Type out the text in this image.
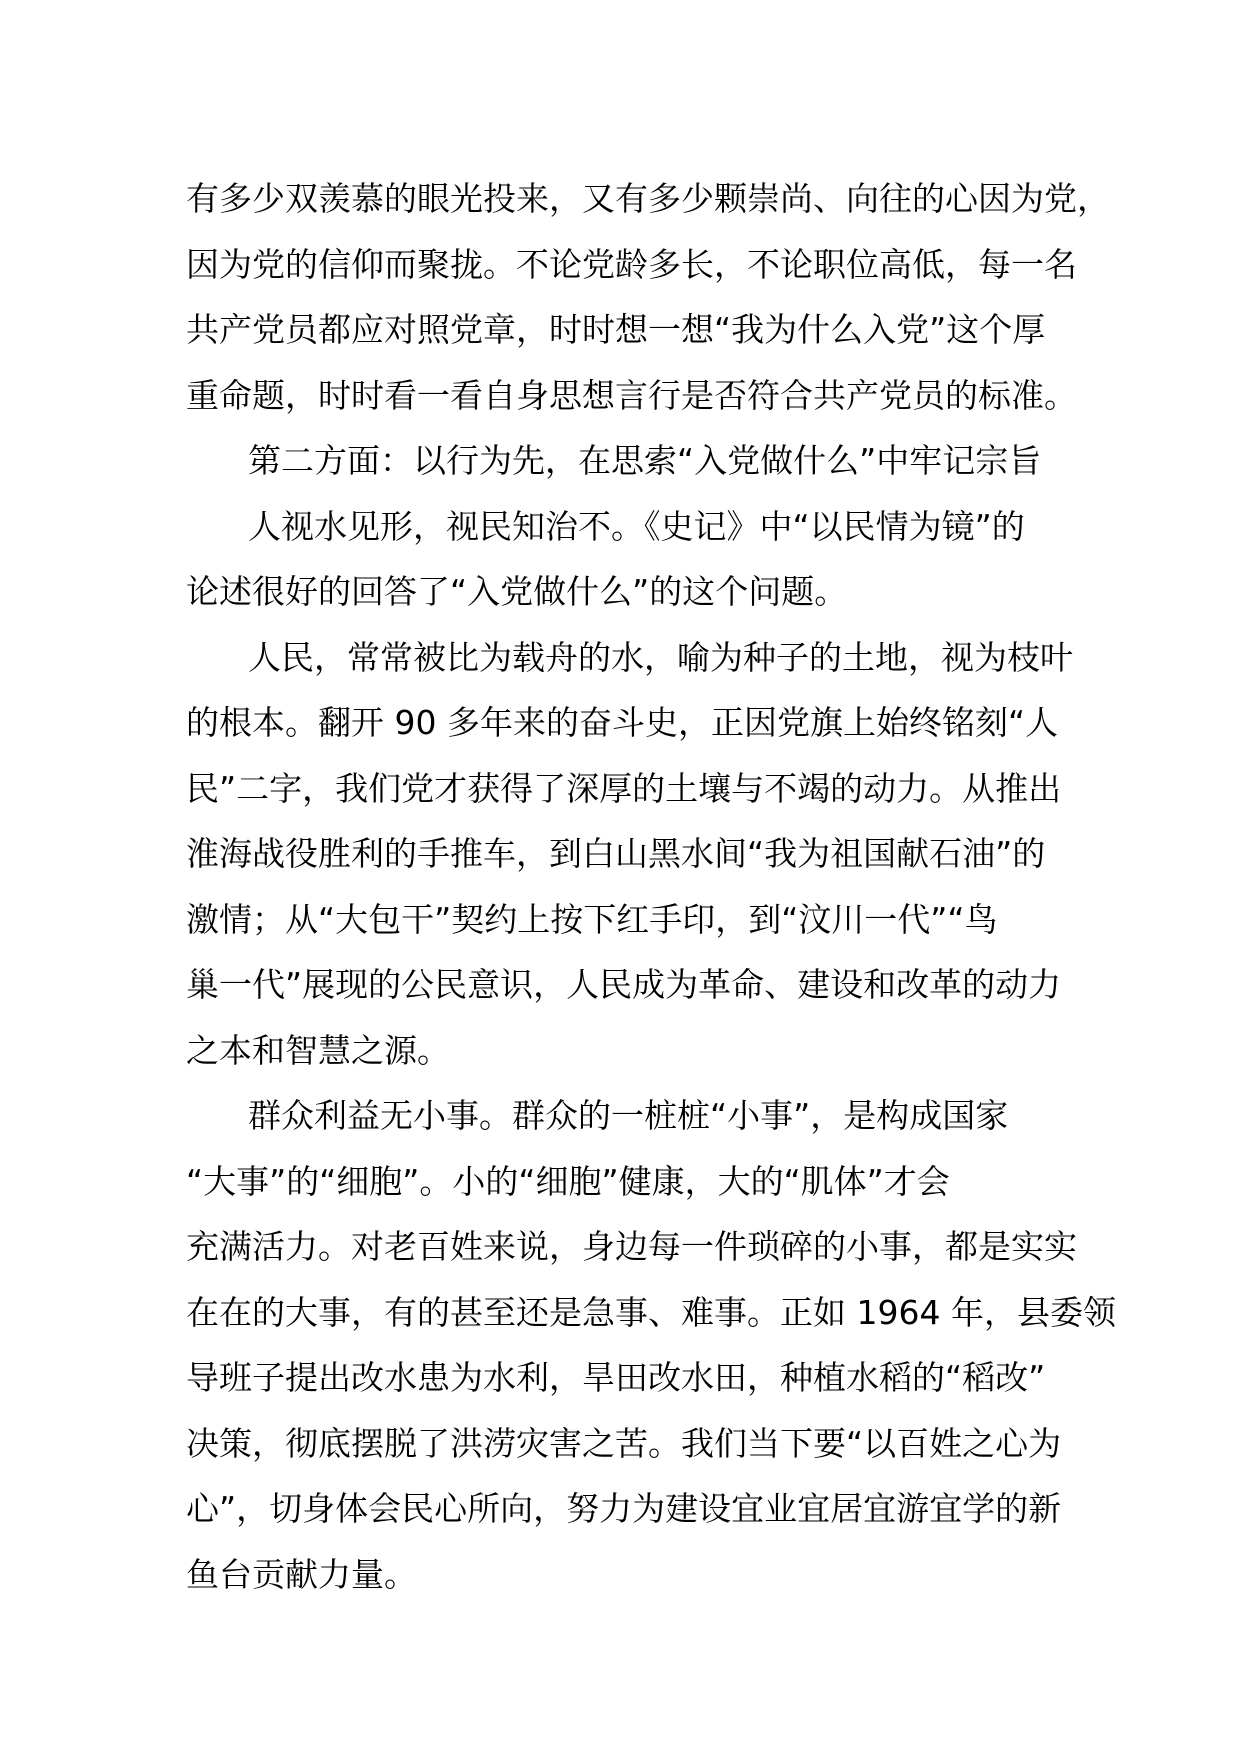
有多少双羡慕的眼光投来，又有多少颗崇尚、向往的心因为党，
因为党的信仰而聚拢。不论党龄多长，不论职位高低，每一名
共产党员都应对照党章，时时想一想“我为什么入党”这个厚
重命题，时时看一看自身思想言行是否符合共产党员的标准。
第二方面：以行为先，在思索“入党做什么”中牢记宗旨
人视水见形，视民知治不。《史记》中“以民情为镜”的
论述很好的回答了“入党做什么”的这个问题。
人民，常常被比为载舟的水，喻为种子的土地，视为枝叶
的根本。翻开 90 多年来的奋斗史，正因党旗上始终铭刻“人
民”二字，我们党才获得了深厚的土壤与不竭的动力。从推出
淮海战役胜利的手推车，到白山黑水间“我为祖国献石油”的
激情；从“大包干”契约上按下红手印，到“汶川一代”“鸟
巢一代”展现的公民意识，人民成为革命、建设和改革的动力
之本和智慧之源。
群众利益无小事。群众的一桩桩“小事”，是构成国家
“大事”的“细胞”。小的“细胞”健康，大的“肌体”才会
充满活力。对老百姓来说，身边每一件琐碎的小事，都是实实
在在的大事，有的甚至还是急事、难事。正如 1964 年，县委领
导班子提出改水患为水利，旱田改水田，种植水稻的“稻改”
决策，彻底摆脱了洪涝灾害之苦。我们当下要“以百姓之心为
心”，切身体会民心所向，努力为建设宜业宜居宜游宜学的新
鱼台贡献力量。
